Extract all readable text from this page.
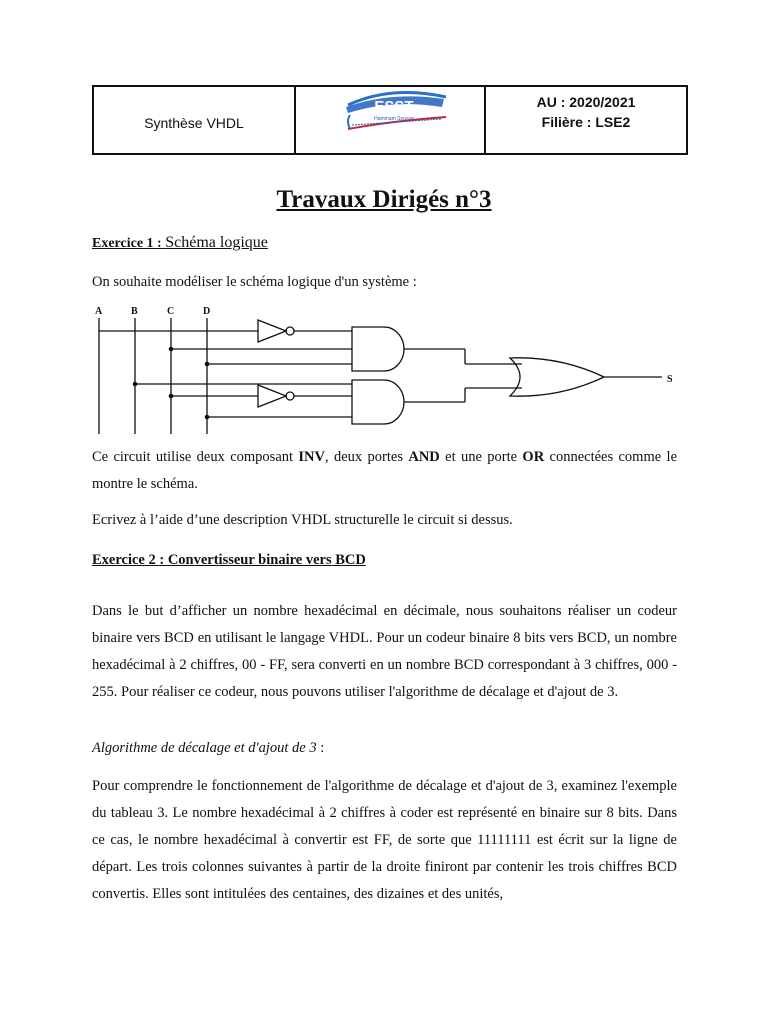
Synthèse VHDL
ESST
Hammam Sousse
AU : 2020/2021
Filière : LSE2
Travaux Dirigés n°3
Exercice 1 : Schéma logique
On souhaite modéliser le schéma logique d'un système :
A	B	C	D
S
Ce circuit utilise deux composant INV, deux portes AND et une porte OR connectées comme le montre le schéma.
Ecrivez à l’aide d’une description VHDL structurelle le circuit si dessus.
Exercice 2 : Convertisseur binaire vers BCD
Dans le but d’afficher un nombre hexadécimal en décimale, nous souhaitons réaliser un codeur binaire vers BCD en utilisant le langage VHDL. Pour un codeur binaire 8 bits vers BCD, un nombre hexadécimal à 2 chiffres, 00 - FF, sera converti en un nombre BCD correspondant à 3 chiffres, 000 - 255. Pour réaliser ce codeur, nous pouvons utiliser l'algorithme de décalage et d'ajout de 3.
Algorithme de décalage et d'ajout de 3 :
Pour comprendre le fonctionnement de l'algorithme de décalage et d'ajout de 3, examinez l'exemple du tableau 3. Le nombre hexadécimal à 2 chiffres à coder est représenté en binaire sur 8 bits. Dans ce cas, le nombre hexadécimal à convertir est FF, de sorte que 11111111 est écrit sur la ligne de départ. Les trois colonnes suivantes à partir de la droite finiront par contenir les trois chiffres BCD convertis. Elles sont intitulées des centaines, des dizaines et des unités,
